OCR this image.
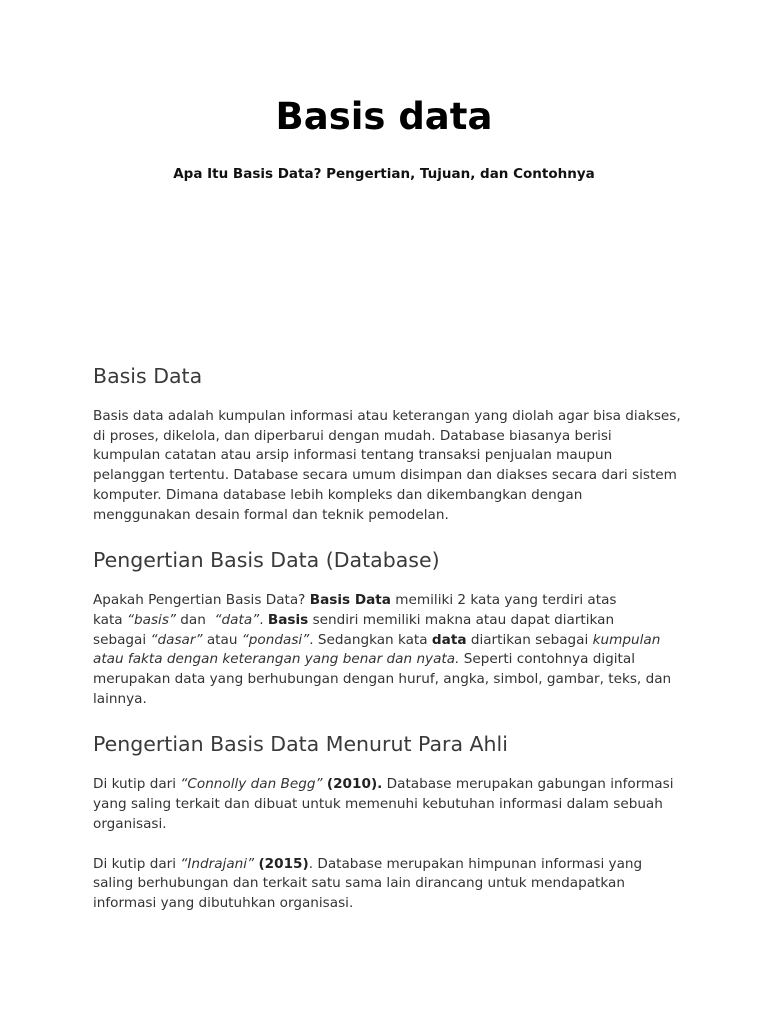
Basis data
Apa Itu Basis Data? Pengertian, Tujuan, dan Contohnya
Basis Data
Basis data adalah kumpulan informasi atau keterangan yang diolah agar bisa diakses,
di proses, dikelola, dan diperbarui dengan mudah. Database biasanya berisi
kumpulan catatan atau arsip informasi tentang transaksi penjualan maupun
pelanggan tertentu. Database secara umum disimpan dan diakses secara dari sistem
komputer. Dimana database lebih kompleks dan dikembangkan dengan
menggunakan desain formal dan teknik pemodelan.
Pengertian Basis Data (Database)
Apakah Pengertian Basis Data? Basis Data memiliki 2 kata yang terdiri atas
kata “basis” dan  “data”. Basis sendiri memiliki makna atau dapat diartikan
sebagai “dasar” atau “pondasi”. Sedangkan kata data diartikan sebagai kumpulan
atau fakta dengan keterangan yang benar dan nyata. Seperti contohnya digital
merupakan data yang berhubungan dengan huruf, angka, simbol, gambar, teks, dan
lainnya.
Pengertian Basis Data Menurut Para Ahli
Di kutip dari “Connolly dan Begg” (2010). Database merupakan gabungan informasi
yang saling terkait dan dibuat untuk memenuhi kebutuhan informasi dalam sebuah
organisasi.
Di kutip dari “Indrajani” (2015). Database merupakan himpunan informasi yang
saling berhubungan dan terkait satu sama lain dirancang untuk mendapatkan
informasi yang dibutuhkan organisasi.
